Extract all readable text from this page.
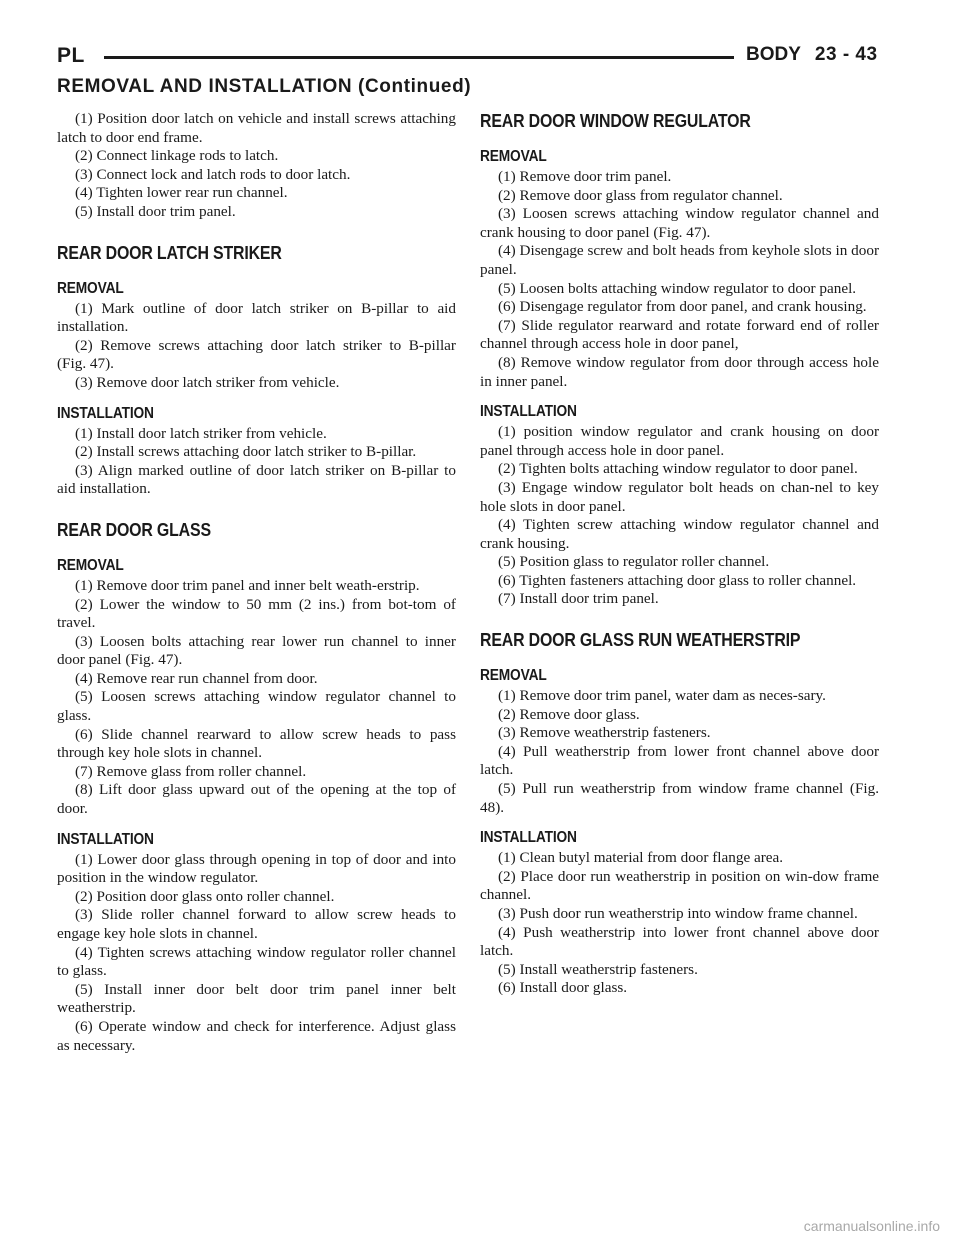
PL	BODY 23 - 43
REMOVAL AND INSTALLATION (Continued)

(1) Position door latch on vehicle and install screws attaching latch to door end frame.

(2) Connect linkage rods to latch.

(3) Connect lock and latch rods to door latch.

(4) Tighten lower rear run channel.

(5) Install door trim panel.

REAR DOOR LATCH STRIKER
REMOVAL

(1) Mark outline of door latch striker on B-pillar to aid installation.

(2) Remove screws attaching door latch striker to B-pillar (Fig. 47).

(3) Remove door latch striker from vehicle.

INSTALLATION

(1) Install door latch striker from vehicle.

(2) Install screws attaching door latch striker to B-pillar.

(3) Align marked outline of door latch striker on B-pillar to aid installation.

REAR DOOR GLASS
REMOVAL

(1) Remove door trim panel and inner belt weath-erstrip.

(2) Lower the window to 50 mm (2 ins.) from bot-tom of travel.

(3) Loosen bolts attaching rear lower run channel to inner door panel (Fig. 47).

(4) Remove rear run channel from door.

(5) Loosen screws attaching window regulator channel to glass.

(6) Slide channel rearward to allow screw heads to pass through key hole slots in channel.

(7) Remove glass from roller channel.

(8) Lift door glass upward out of the opening at the top of door.

INSTALLATION

(1) Lower door glass through opening in top of door and into position in the window regulator.

(2) Position door glass onto roller channel.

(3) Slide roller channel forward to allow screw heads to engage key hole slots in channel.

(4) Tighten screws attaching window regulator roller channel to glass.

(5) Install inner door belt door trim panel inner belt weatherstrip.

(6) Operate window and check for interference. Adjust glass as necessary.

REAR DOOR WINDOW REGULATOR
REMOVAL

(1) Remove door trim panel.

(2) Remove door glass from regulator channel.

(3) Loosen screws attaching window regulator channel and crank housing to door panel (Fig. 47).

(4) Disengage screw and bolt heads from keyhole slots in door panel.

(5) Loosen bolts attaching window regulator to door panel.

(6) Disengage regulator from door panel, and crank housing.

(7) Slide regulator rearward and rotate forward end of roller channel through access hole in door panel,

(8) Remove window regulator from door through access hole in inner panel.

INSTALLATION

(1) position window regulator and crank housing on door panel through access hole in door panel.

(2) Tighten bolts attaching window regulator to door panel.

(3) Engage window regulator bolt heads on chan-nel to key hole slots in door panel.

(4) Tighten screw attaching window regulator channel and crank housing.

(5) Position glass to regulator roller channel.

(6) Tighten fasteners attaching door glass to roller channel.

(7) Install door trim panel.

REAR DOOR GLASS RUN WEATHERSTRIP
REMOVAL

(1) Remove door trim panel, water dam as neces-sary.

(2) Remove door glass.

(3) Remove weatherstrip fasteners.

(4) Pull weatherstrip from lower front channel above door latch.

(5) Pull run weatherstrip from window frame channel (Fig. 48).

INSTALLATION

(1) Clean butyl material from door flange area.

(2) Place door run weatherstrip in position on win-dow frame channel.

(3) Push door run weatherstrip into window frame channel.

(4) Push weatherstrip into lower front channel above door latch.

(5) Install weatherstrip fasteners.

(6) Install door glass.

carmanualsonline.info
